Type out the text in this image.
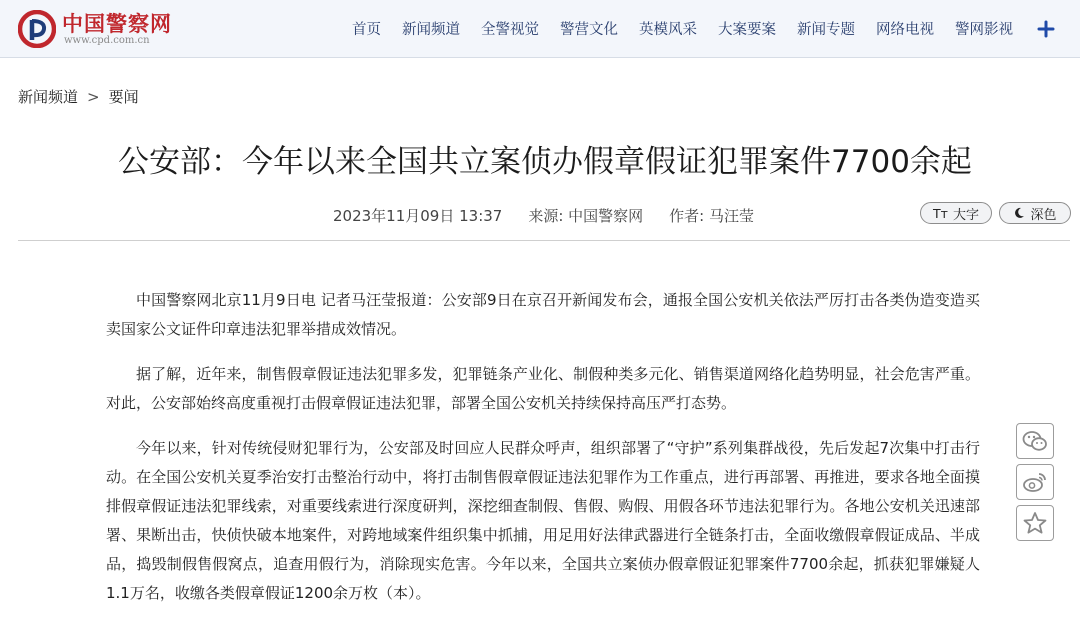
中国警察网
www.cpd.com.cn
首页 新闻频道 全警视觉 警营文化 英模风采 大案要案 新闻专题 网络电视 警网影视
新闻频道 > 要闻
公安部：今年以来全国共立案侦办假章假证犯罪案件7700余起
2023年11月09日 13:37 来源: 中国警察网 作者: 马汪莹	Tт 大字	深色

中国警察网北京11月9日电 记者马汪莹报道：公安部9日在京召开新闻发布会，通报全国公安机关依法严厉打击各类伪造变造买卖国家公文证件印章违法犯罪举措成效情况。

据了解，近年来，制售假章假证违法犯罪多发，犯罪链条产业化、制假种类多元化、销售渠道网络化趋势明显，社会危害严重。对此，公安部始终高度重视打击假章假证违法犯罪，部署全国公安机关持续保持高压严打态势。

今年以来，针对传统侵财犯罪行为，公安部及时回应人民群众呼声，组织部署了“守护”系列集群战役，先后发起7次集中打击行动。在全国公安机关夏季治安打击整治行动中，将打击制售假章假证违法犯罪作为工作重点，进行再部署、再推进，要求各地全面摸排假章假证违法犯罪线索，对重要线索进行深度研判，深挖细查制假、售假、购假、用假各环节违法犯罪行为。各地公安机关迅速部署、果断出击，快侦快破本地案件，对跨地域案件组织集中抓捕，用足用好法律武器进行全链条打击，全面收缴假章假证成品、半成品，捣毁制假售假窝点，追查用假行为，消除现实危害。今年以来，全国共立案侦办假章假证犯罪案件7700余起，抓获犯罪嫌疑人1.1万名，收缴各类假章假证1200余万枚（本）。
